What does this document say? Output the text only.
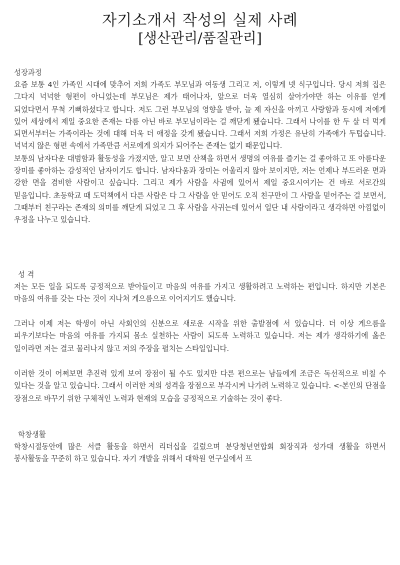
자기소개서 작성의 실제 사례
[생산관리/품질관리]

성장과정

요즘 보통 4인 가족인 시대에 맞추어 저희 가족도 부모님과 여동생 그리고 저, 이렇게 넷 식구입니다. 당시 저희 집은 그다지 넉넉한 형편이 아니었는데 부모님은 제가 태어나자, 앞으로 더욱 열심히 살아가야만 하는 이유를 얻게 되었다면서 무척 기뻐하셨다고 합니다. 저도 그런 부모님의 영향을 받아, 늘 제 자신을 아끼고 사랑함과 동시에 저에게 있어 세상에서 제일 중요한 존재는 다름 아닌 바로 부모님이라는 걸 깨닫게 됐습니다. 그래서 나이를 한 두 살 더 먹게 되면서부터는 가족이라는 것에 대해 더욱 더 애정을 갖게 됐습니다. 그래서 저희 가정은 유난히 가족애가 두텁습니다. 넉넉지 않은 형편 속에서 가족만큼 서로에게 의지가 되어주는 존재는 없기 때문입니다.

보통의 남자다운 대범함과 활동성을 가졌지만, 알고 보면 산책을 하면서 생명의 여유를 즐기는 걸 좋아하고 또 아름다운 장미를 좋아하는 감성적인 남자이기도 합니다. 남자다움과 장미는 어울리지 않아 보이지만, 저는 언제나 부드러운 면과 강한 면을 겸비한 사람이고 싶습니다. 그리고 제가 사람을 사귐에 있어서 제일 중요시여기는 건 바로 서로간의 믿음입니다. 초등학교 때 도덕책에서 다른 사람은 다 그 사람을 안 믿어도 오직 친구만이 그 사람을 믿어주는 걸 보면서, 그때부터 친구라는 존재의 의미를 깨닫게 되었고 그 후 사람을 사귀는데 있어서 일단 내 사람이라고 생각하면 아낌없이 우정을 나누고 있습니다.

성 격

저는 모든 일을 되도록 긍정적으로 받아들이고 마음의 여유를 가지고 생활하려고 노력하는 편입니다. 하지만 기본은 마음의 여유를 갖는 다는 것이 지나쳐 게으름으로 이어지기도 했습니다.

그러나 이제 저는 학생이 아닌 사회인의 신분으로 새로운 시작을 위한 출발점에 서 있습니다. 더 이상 게으름을 피우기보다는 마음의 여유를 가지되 몸소 실천하는 사람이 되도록 노력하고 있습니다. 저는 제가 생각하기에 옳은 일이라면 저는 결코 물러나지 않고 저의 주장을 펼치는 스타일입니다.

이러한 것이 어쩌보면 추진력 있게 보여 장점이 될 수도 있지만 다른 편으로는 남들에게 조금은 독선적으로 비칠 수 있다는 것을 알고 있습니다. 그래서 이러한 저의 성격을 장점으로 부각시켜 나가려 노력하고 있습니다. <-본인의 단점을 장점으로 바꾸기 위한 구체적인 노력과 현재의 모습을 긍정적으로 기술하는 것이 좋다.

학창생활

학창시절동안에 많은 서클 활동을 하면서 리더십을 길렀으며 분당청년연합회 회장직과 성가대 생활을 하면서 봉사활동을 꾸준히 하고 있습니다. 자기 개발을 위해서 대학원 연구실에서 프
